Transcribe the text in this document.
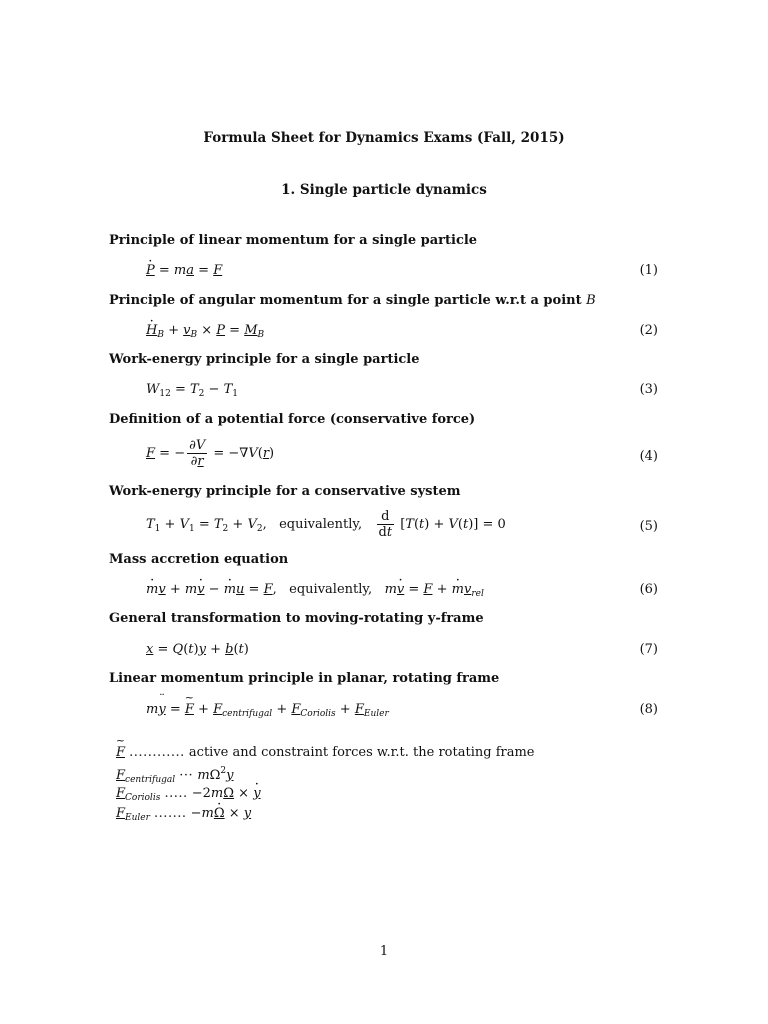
Formula Sheet for Dynamics Exams (Fall, 2015)
1. Single particle dynamics
Principle of linear momentum for a single particle
· P = ma = F	(1)
Principle of angular momentum for a single particle w.r.t a point B
· $H_B + v_B \times P = M_B$	(2)
Work-energy principle for a single particle
$W_{12} = T_2 - T_1$	(3)
Definition of a potential force (conservative force)
F = − $\frac{\partial V}{\partial r} = -\nabla V(r)$	(4)
Work-energy principle for a conservative system
$T_1 + V_1 = T_2 + V_2$,   equivalently, $\frac{d}{dt} [T(t) + V(t)] = 0$	(5)
Mass accretion equation
· mv + m· v − · mu = F,   equivalently, m· v = F + · $mv_{rel}$	(6)
General transformation to moving-rotating y-frame
x = Q(t)y + b(t)	(7)
Linear momentum principle in planar, rotating frame
m¨ y = ~ $F + F_{centrifugal} + F_{Coriolis} + F_{Euler}$	(8)
~ F ............ active and constraint forces w.r.t. the rotating frame
$F_{centrifugal}$ ··· $m\Omega^2y$
$F_{Coriolis}$ ..... −2mΩ × · y
$F_{Euler}$ ....... −m· Ω × y
1
